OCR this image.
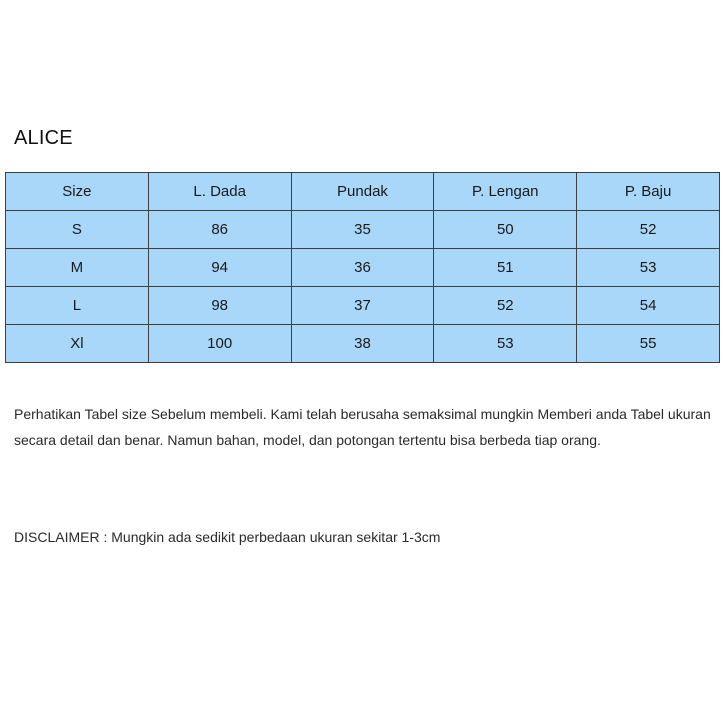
ALICE
Size	L. Dada	Pundak	P. Lengan	P. Baju
S	86	35	50	52
M	94	36	51	53
L	98	37	52	54
Xl	100	38	53	55
Perhatikan Tabel size Sebelum membeli. Kami telah berusaha semaksimal mungkin Memberi anda Tabel ukuran secara detail dan benar. Namun bahan, model, dan potongan tertentu bisa berbeda tiap orang.
DISCLAIMER : Mungkin ada sedikit perbedaan ukuran sekitar 1-3cm
